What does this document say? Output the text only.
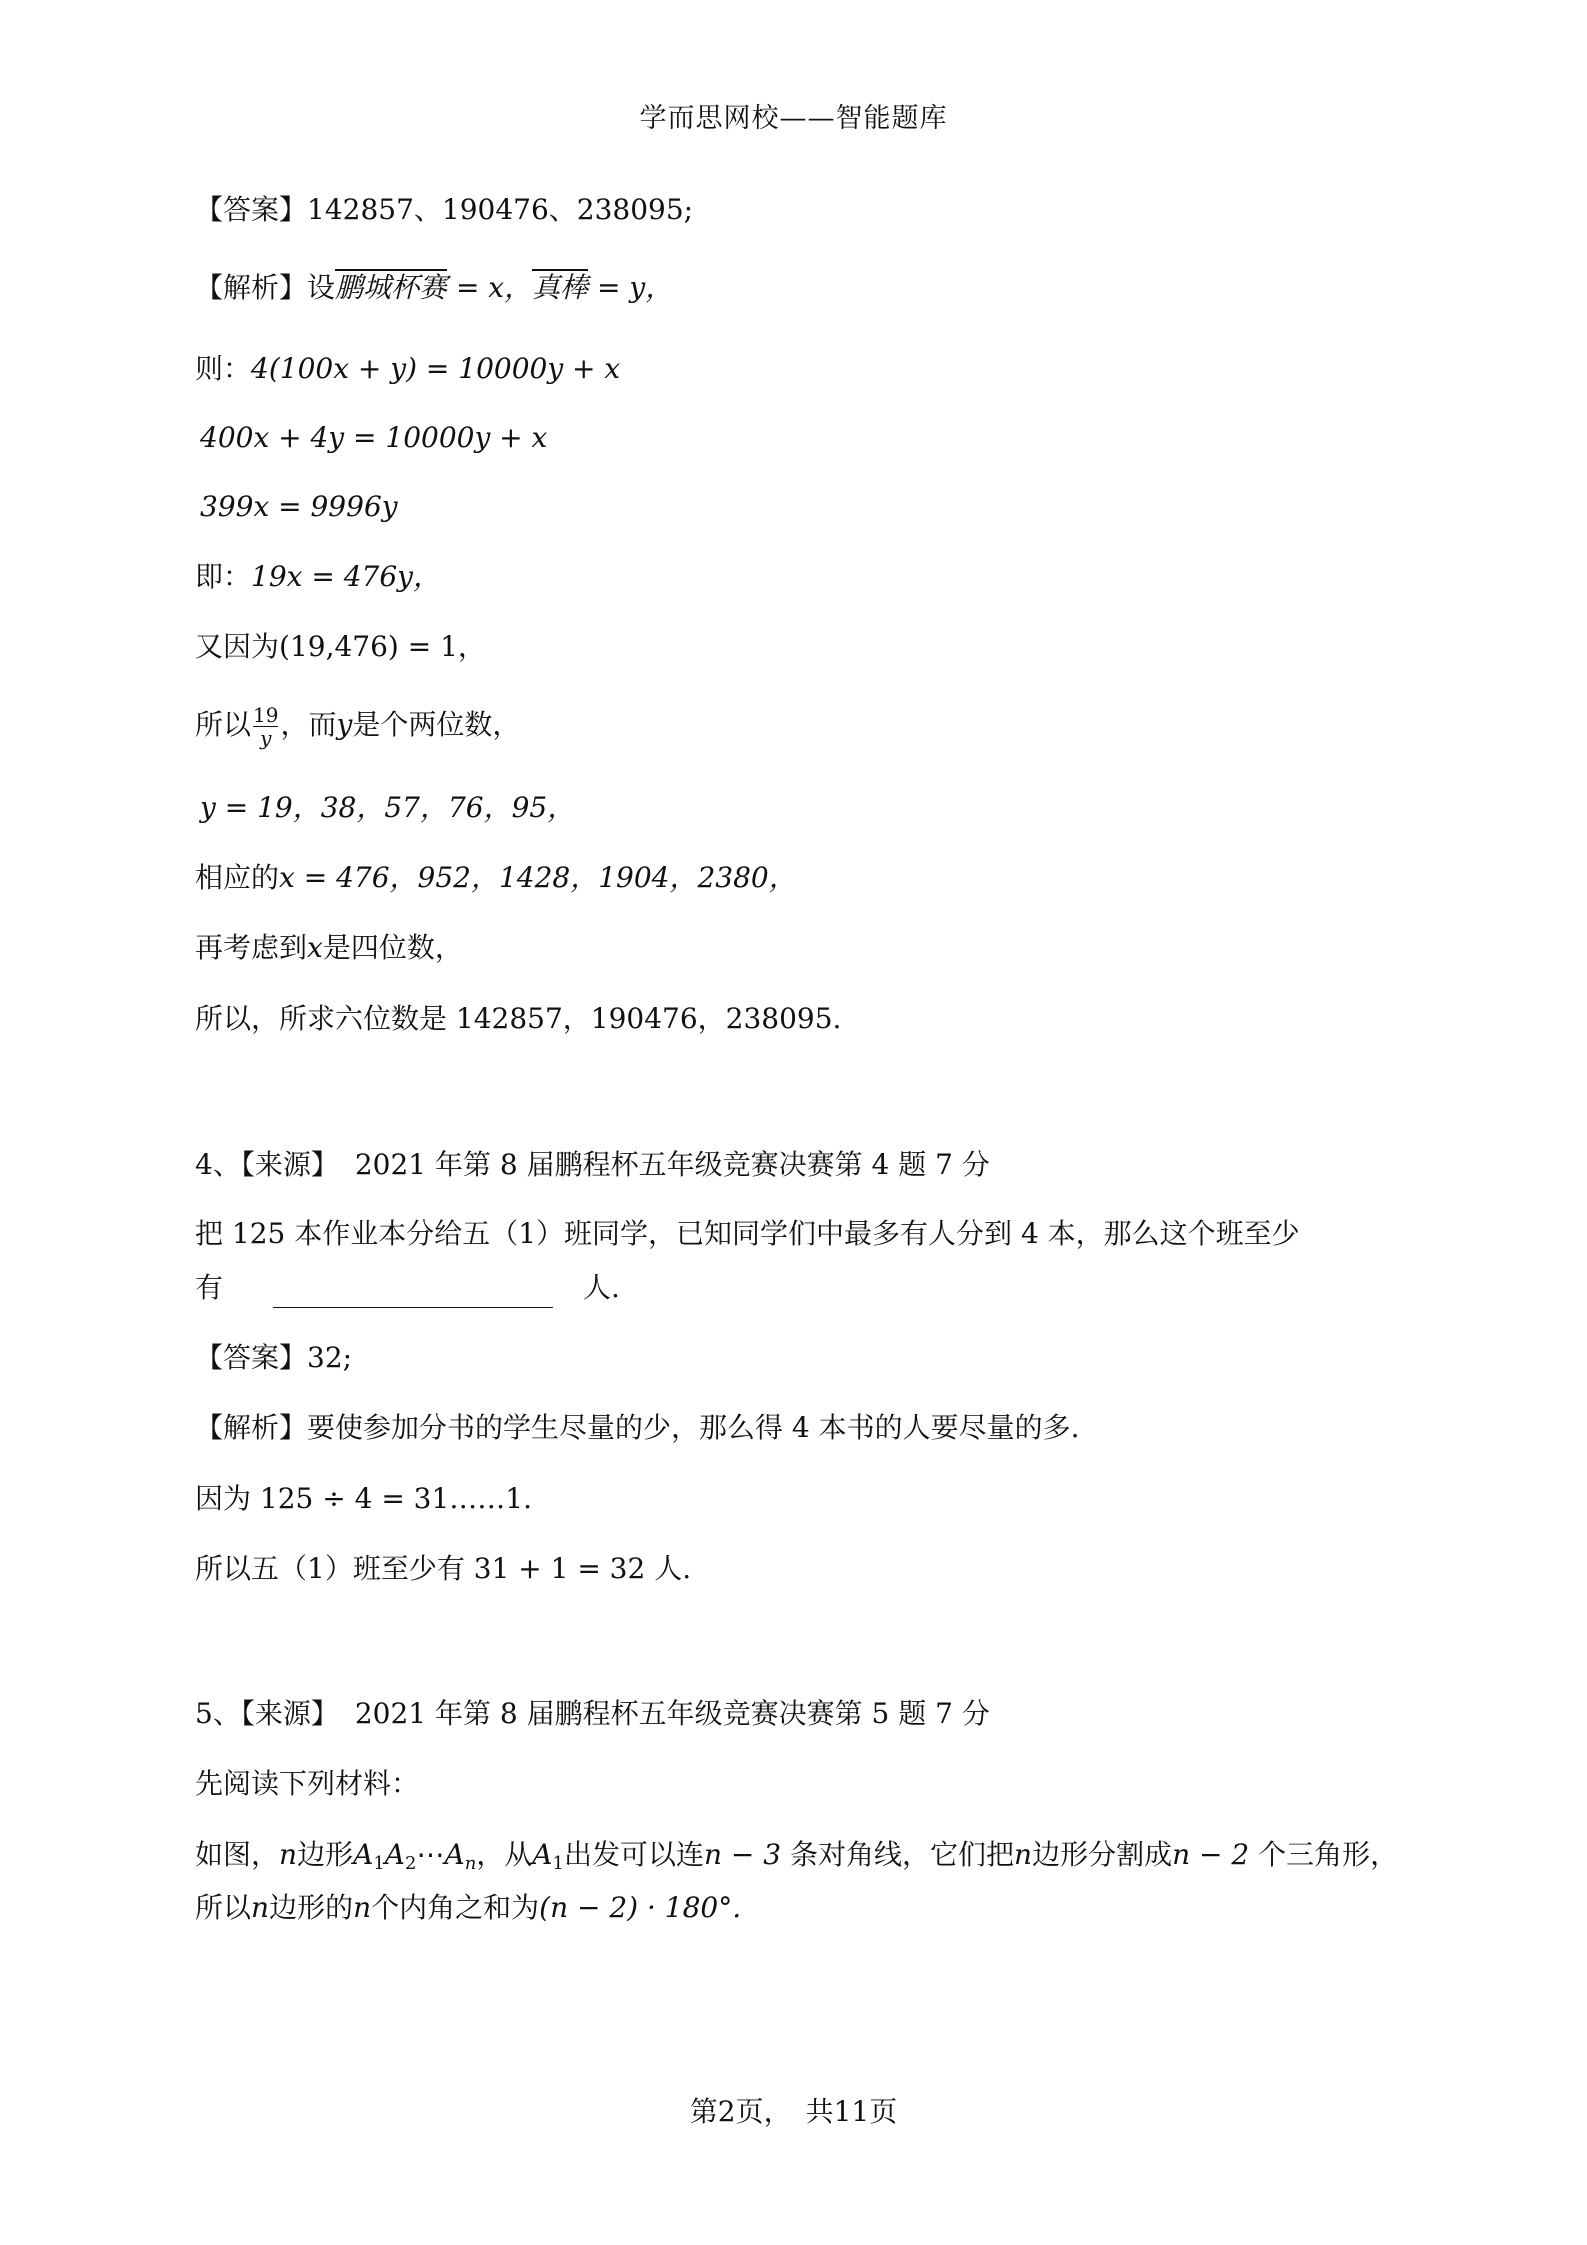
学而思网校——智能题库
【答案】142857、190476、238095;
【解析】设鹏城杯赛 = x，真棒 = y，
则：4(100x + y) = 10000y + x
400x + 4y = 10000y + x
399x = 9996y
即：19x = 476y，
又因为(19,476) = 1，
所以 $\frac{19}{y}$ ，而y是个两位数，
y = 19，38，57，76，95，
相应的x = 476，952，1428，1904，2380，
再考虑到x是四位数，
所以，所求六位数是 142857，190476，238095.
4、【来源】 2021 年第 8 届鹏程杯五年级竞赛决赛第 4 题 7 分
把 125 本作业本分给五（1）班同学，已知同学们中最多有人分到 4 本，那么这个班至少
有	人.
【答案】32;
【解析】要使参加分书的学生尽量的少，那么得 4 本书的人要尽量的多.
因为 125 ÷ 4 = 31……1.
所以五（1）班至少有 31 + 1 = 32 人.
5、【来源】 2021 年第 8 届鹏程杯五年级竞赛决赛第 5 题 7 分
先阅读下列材料：
如图，n边形$A_1A_2\cdots A_n$，从$A_1$出发可以连n − 3 条对角线，它们把n边形分割成n − 2 个三角形，
所以n边形的n个内角之和为(n − 2) · 180°.
第2页，　共11页
